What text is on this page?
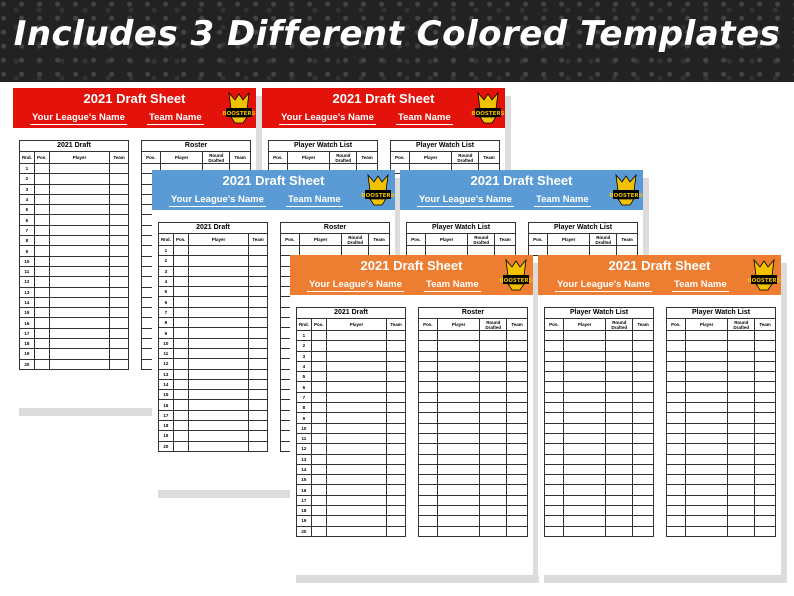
Includes 3 Different Colored Templates
2021 Draft Sheet
Your League's Name	Team Name	BOOSTERS
2021 Draft
Rnd.	Pos.	Player	Team
1
2
3
4
5
6
7
8
9
10
11
12
13
14
15
16
17
18
19
20
Roster
Pos.	Player	Round Drafted	Team
2021 Draft Sheet
Your League's Name	Team Name	BOOSTERS
Player Watch List
Pos.	Player	Round Drafted	Team
Player Watch List
Pos.	Player	Round Drafted	Team
2021 Draft Sheet
Your League's Name	Team Name	BOOSTERS
2021 Draft
Rnd.	Pos.	Player	Team
1
2
3
4
5
6
7
8
9
10
11
12
13
14
15
16
17
18
19
20
Roster
Pos.	Player	Round Drafted	Team
2021 Draft Sheet
Your League's Name	Team Name	BOOSTERS
Player Watch List
Pos.	Player	Round Drafted	Team
Player Watch List
Pos.	Player	Round Drafted	Team
2021 Draft Sheet
Your League's Name	Team Name	BOOSTERS
2021 Draft
Rnd.	Pos.	Player	Team
1
2
3
4
5
6
7
8
9
10
11
12
13
14
15
16
17
18
19
20
Roster
Pos.	Player	Round Drafted	Team
2021 Draft Sheet
Your League's Name	Team Name	BOOSTERS
Player Watch List
Pos.	Player	Round Drafted	Team
Player Watch List
Pos.	Player	Round Drafted	Team
